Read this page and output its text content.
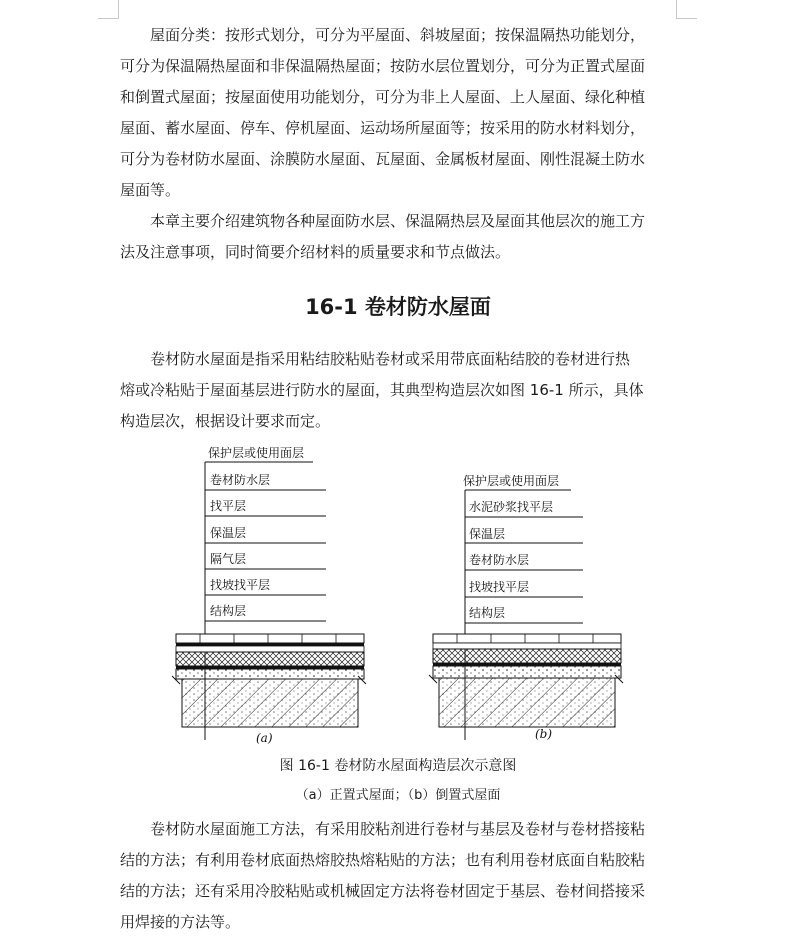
屋面分类：按形式划分，可分为平屋面、斜坡屋面；按保温隔热功能划分，
可分为保温隔热屋面和非保温隔热屋面；按防水层位置划分，可分为正置式屋面
和倒置式屋面；按屋面使用功能划分，可分为非上人屋面、上人屋面、绿化种植
屋面、蓄水屋面、停车、停机屋面、运动场所屋面等；按采用的防水材料划分，
可分为卷材防水屋面、涂膜防水屋面、瓦屋面、金属板材屋面、刚性混凝土防水
屋面等。
本章主要介绍建筑物各种屋面防水层、保温隔热层及屋面其他层次的施工方
法及注意事项，同时简要介绍材料的质量要求和节点做法。
16-1 卷材防水屋面
卷材防水屋面是指采用粘结胶粘贴卷材或采用带底面粘结胶的卷材进行热
熔或冷粘贴于屋面基层进行防水的屋面，其典型构造层次如图 16-1 所示，具体
构造层次，根据设计要求而定。
保护层或使用面层
卷材防水层
找平层
保温层
隔气层
找坡找平层
结构层
(a)
保护层或使用面层
水泥砂浆找平层
保温层
卷材防水层
找坡找平层
结构层
(b)

图 16-1 卷材防水屋面构造层次示意图

（a）正置式屋面；（b）倒置式屋面

卷材防水屋面施工方法，有采用胶粘剂进行卷材与基层及卷材与卷材搭接粘
结的方法；有利用卷材底面热熔胶热熔粘贴的方法；也有利用卷材底面自粘胶粘
结的方法；还有采用冷胶粘贴或机械固定方法将卷材固定于基层、卷材间搭接采
用焊接的方法等。
